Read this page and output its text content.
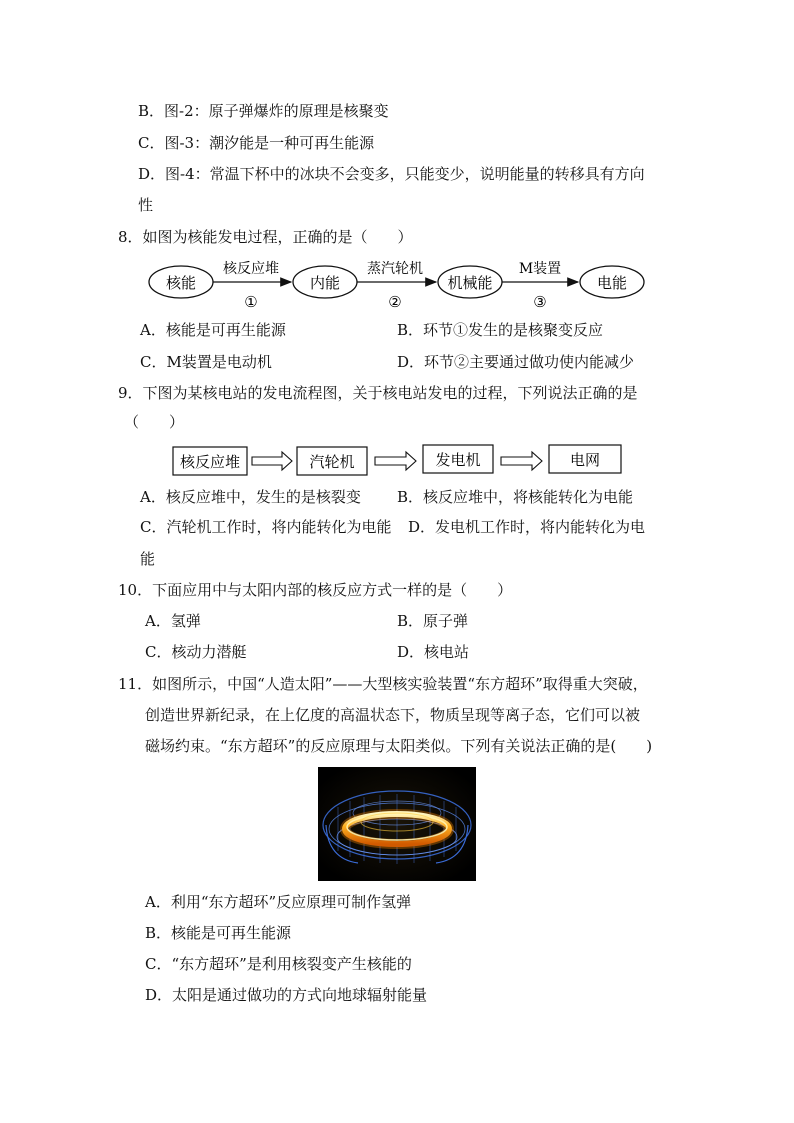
B．图-2：原子弹爆炸的原理是核聚变
C．图-3：潮汐能是一种可再生能源
D．图-4：常温下杯中的冰块不会变多，只能变少，说明能量的转移具有方向
性
8．如图为核能发电过程，正确的是（　　）
核能	内能	机械能	电能
核反应堆
①
蒸汽轮机
②
M装置
③
A．核能是可再生能源	B．环节①发生的是核聚变反应
C．M装置是电动机	D．环节②主要通过做功使内能减少
9．下图为某核电站的发电流程图，关于核电站发电的过程，下列说法正确的是
（　　）
核反应堆	汽轮机	发电机	电网
A．核反应堆中，发生的是核裂变 B．核反应堆中，将核能转化为电能
C．汽轮机工作时，将内能转化为电能 D．发电机工作时，将内能转化为电
能
10．下面应用中与太阳内部的核反应方式一样的是（　　）
A．氢弹	B．原子弹
C．核动力潜艇	D．核电站
11．如图所示，中国“人造太阳”——大型核实验装置“东方超环”取得重大突破，
创造世界新纪录，在上亿度的高温状态下，物质呈现等离子态，它们可以被
磁场约束。“东方超环”的反应原理与太阳类似。下列有关说法正确的是(　　)
A．利用“东方超环”反应原理可制作氢弹
B．核能是可再生能源
C．“东方超环”是利用核裂变产生核能的
D．太阳是通过做功的方式向地球辐射能量
